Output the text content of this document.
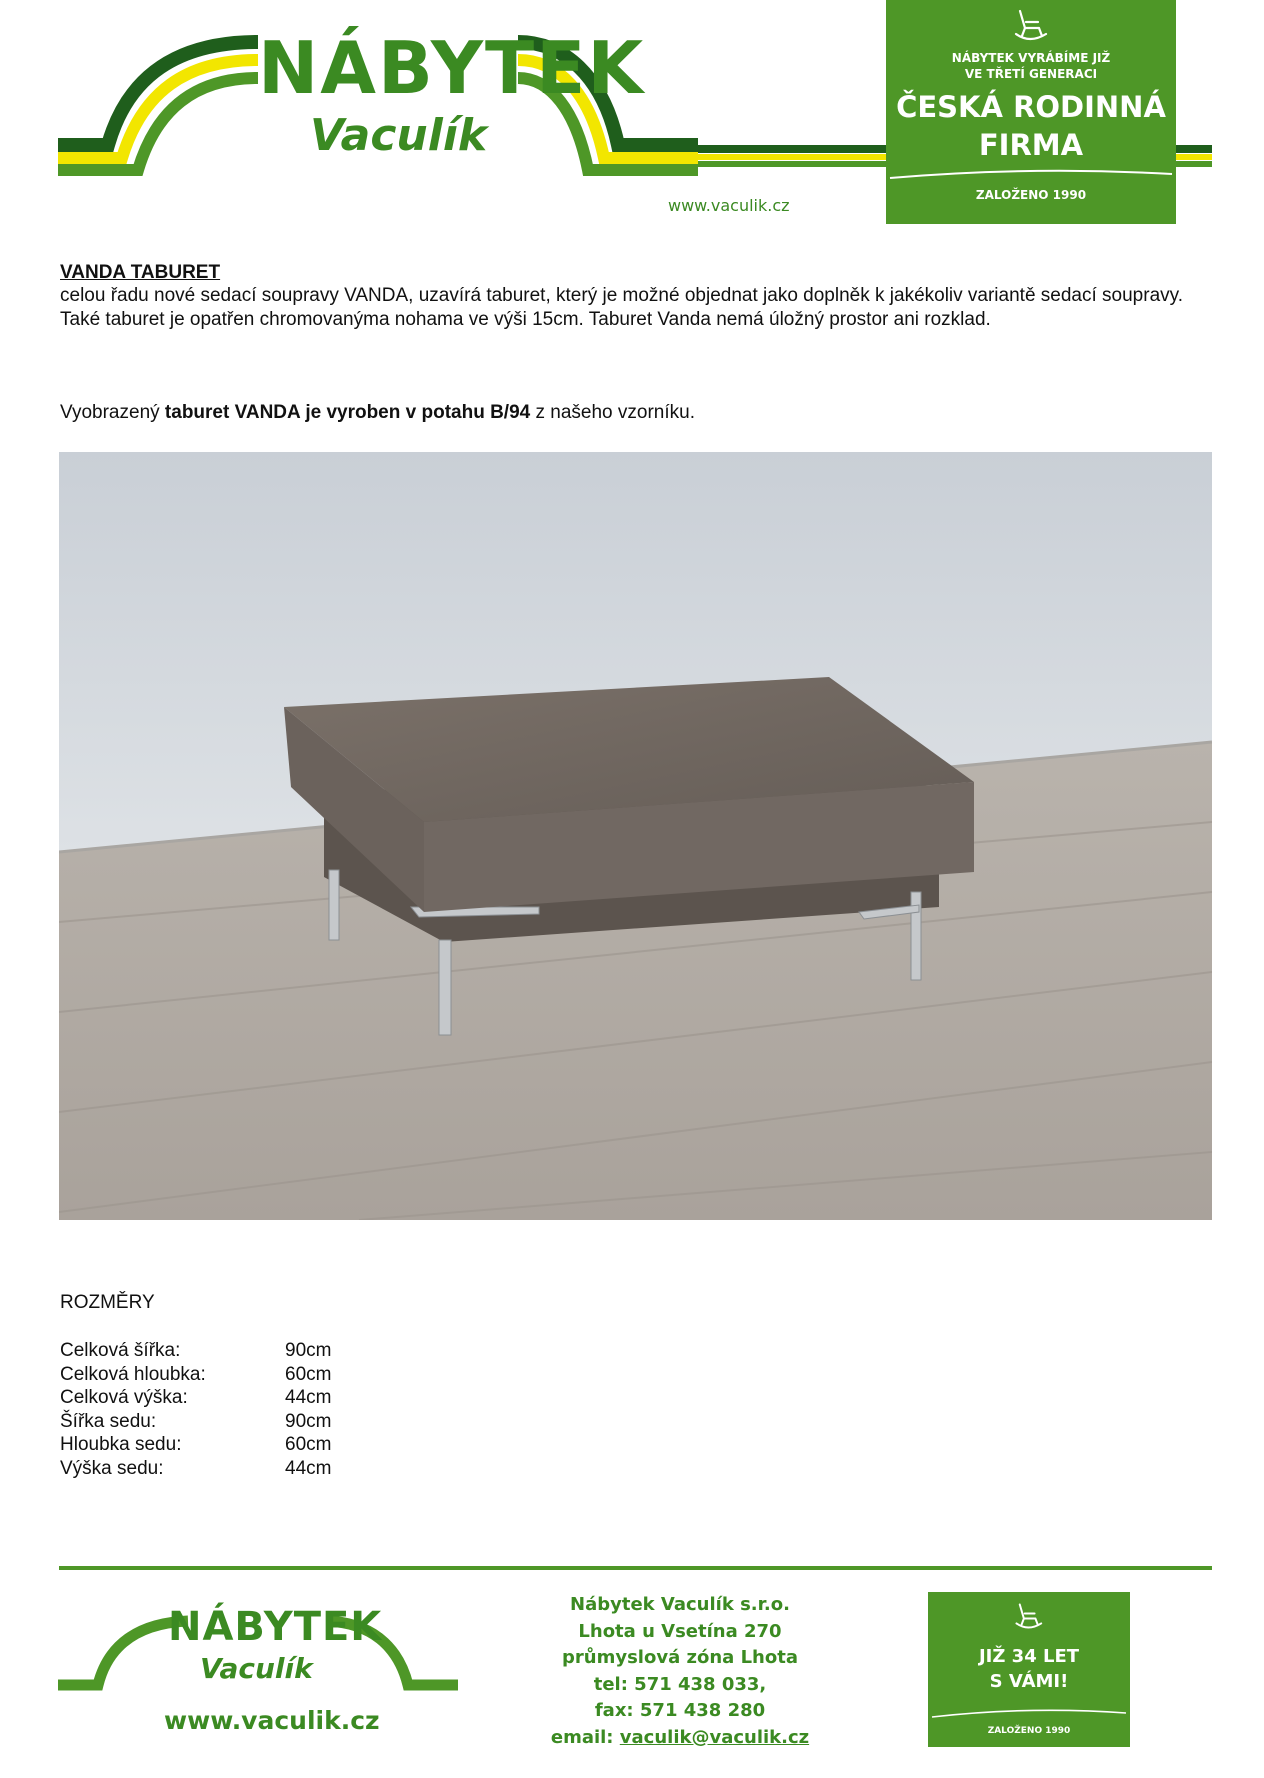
NÁBYTEK
Vaculík
www.vaculik.cz
NÁBYTEK VYRÁBÍME JIŽ
VE TŘETÍ GENERACI
ČESKÁ RODINNÁ
FIRMA
ZALOŽENO 1990
VANDA TABURET
celou řadu nové sedací soupravy VANDA, uzavírá taburet, který je možné objednat jako doplněk k jakékoliv variantě sedací soupravy. Také taburet je opatřen chromovanýma nohama ve výši 15cm. Taburet Vanda nemá úložný prostor ani rozklad.
Vyobrazený taburet VANDA je vyroben v potahu B/94 z našeho vzorníku.
ROZMĚRY
Celková šířka:	90cm
Celková hloubka:	60cm
Celková výška:	44cm
Šířka sedu:	90cm
Hloubka sedu:	60cm
Výška sedu:	44cm
NÁBYTEK
Vaculík
www.vaculik.cz
Nábytek Vaculík s.r.o.
Lhota u Vsetína 270
průmyslová zóna Lhota
tel: 571 438 033,
fax: 571 438 280
email: vaculik@vaculik.cz
JIŽ 34 LET
S VÁMI!
ZALOŽENO 1990
